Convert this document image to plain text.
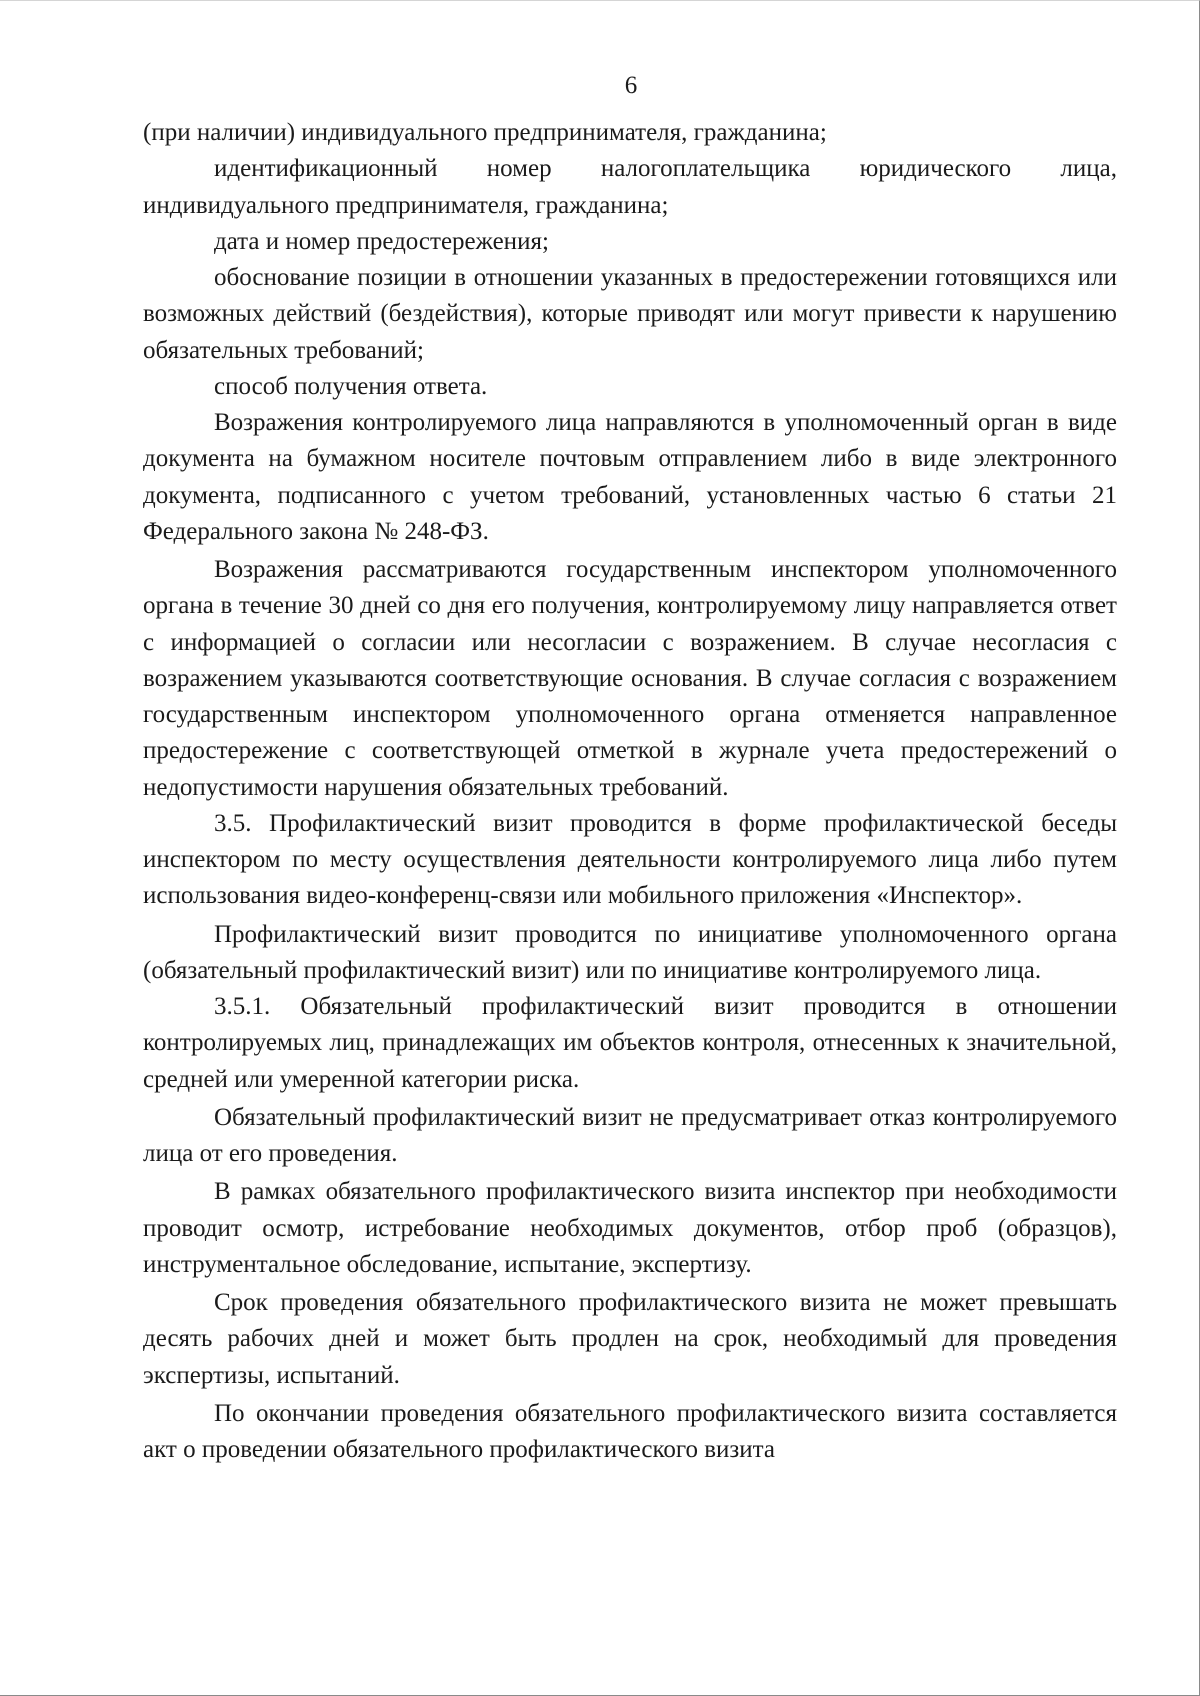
6

(при наличии) индивидуального предпринимателя, гражданина;

идентификационный номер налогоплательщика юридического лица, индивидуального предпринимателя, гражданина;

дата и номер предостережения;

обоснование позиции в отношении указанных в предостережении готовящихся или возможных действий (бездействия), которые приводят или могут привести к нарушению обязательных требований;

способ получения ответа.

Возражения контролируемого лица направляются в уполномоченный орган в виде документа на бумажном носителе почтовым отправлением либо в виде электронного документа, подписанного с учетом требований, установленных частью 6 статьи 21 Федерального закона № 248-ФЗ.

Возражения рассматриваются государственным инспектором уполномоченного органа в течение 30 дней со дня его получения, контролируемому лицу направляется ответ с информацией о согласии или несогласии с возражением. В случае несогласия с возражением указываются соответствующие основания. В случае согласия с возражением государственным инспектором уполномоченного органа отменяется направленное предостережение с соответствующей отметкой в журнале учета предостережений о недопустимости нарушения обязательных требований.

3.5. Профилактический визит проводится в форме профилактической беседы инспектором по месту осуществления деятельности контролируемого лица либо путем использования видео-конференц-связи или мобильного приложения «Инспектор».

Профилактический визит проводится по инициативе уполномоченного органа (обязательный профилактический визит) или по инициативе контролируемого лица.

3.5.1. Обязательный профилактический визит проводится в отношении контролируемых лиц, принадлежащих им объектов контроля, отнесенных к значительной, средней или умеренной категории риска.

Обязательный профилактический визит не предусматривает отказ контролируемого лица от его проведения.

В рамках обязательного профилактического визита инспектор при необходимости проводит осмотр, истребование необходимых документов, отбор проб (образцов), инструментальное обследование, испытание, экспертизу.

Срок проведения обязательного профилактического визита не может превышать десять рабочих дней и может быть продлен на срок, необходимый для проведения экспертизы, испытаний.

По окончании проведения обязательного профилактического визита составляется акт о проведении обязательного профилактического визита
